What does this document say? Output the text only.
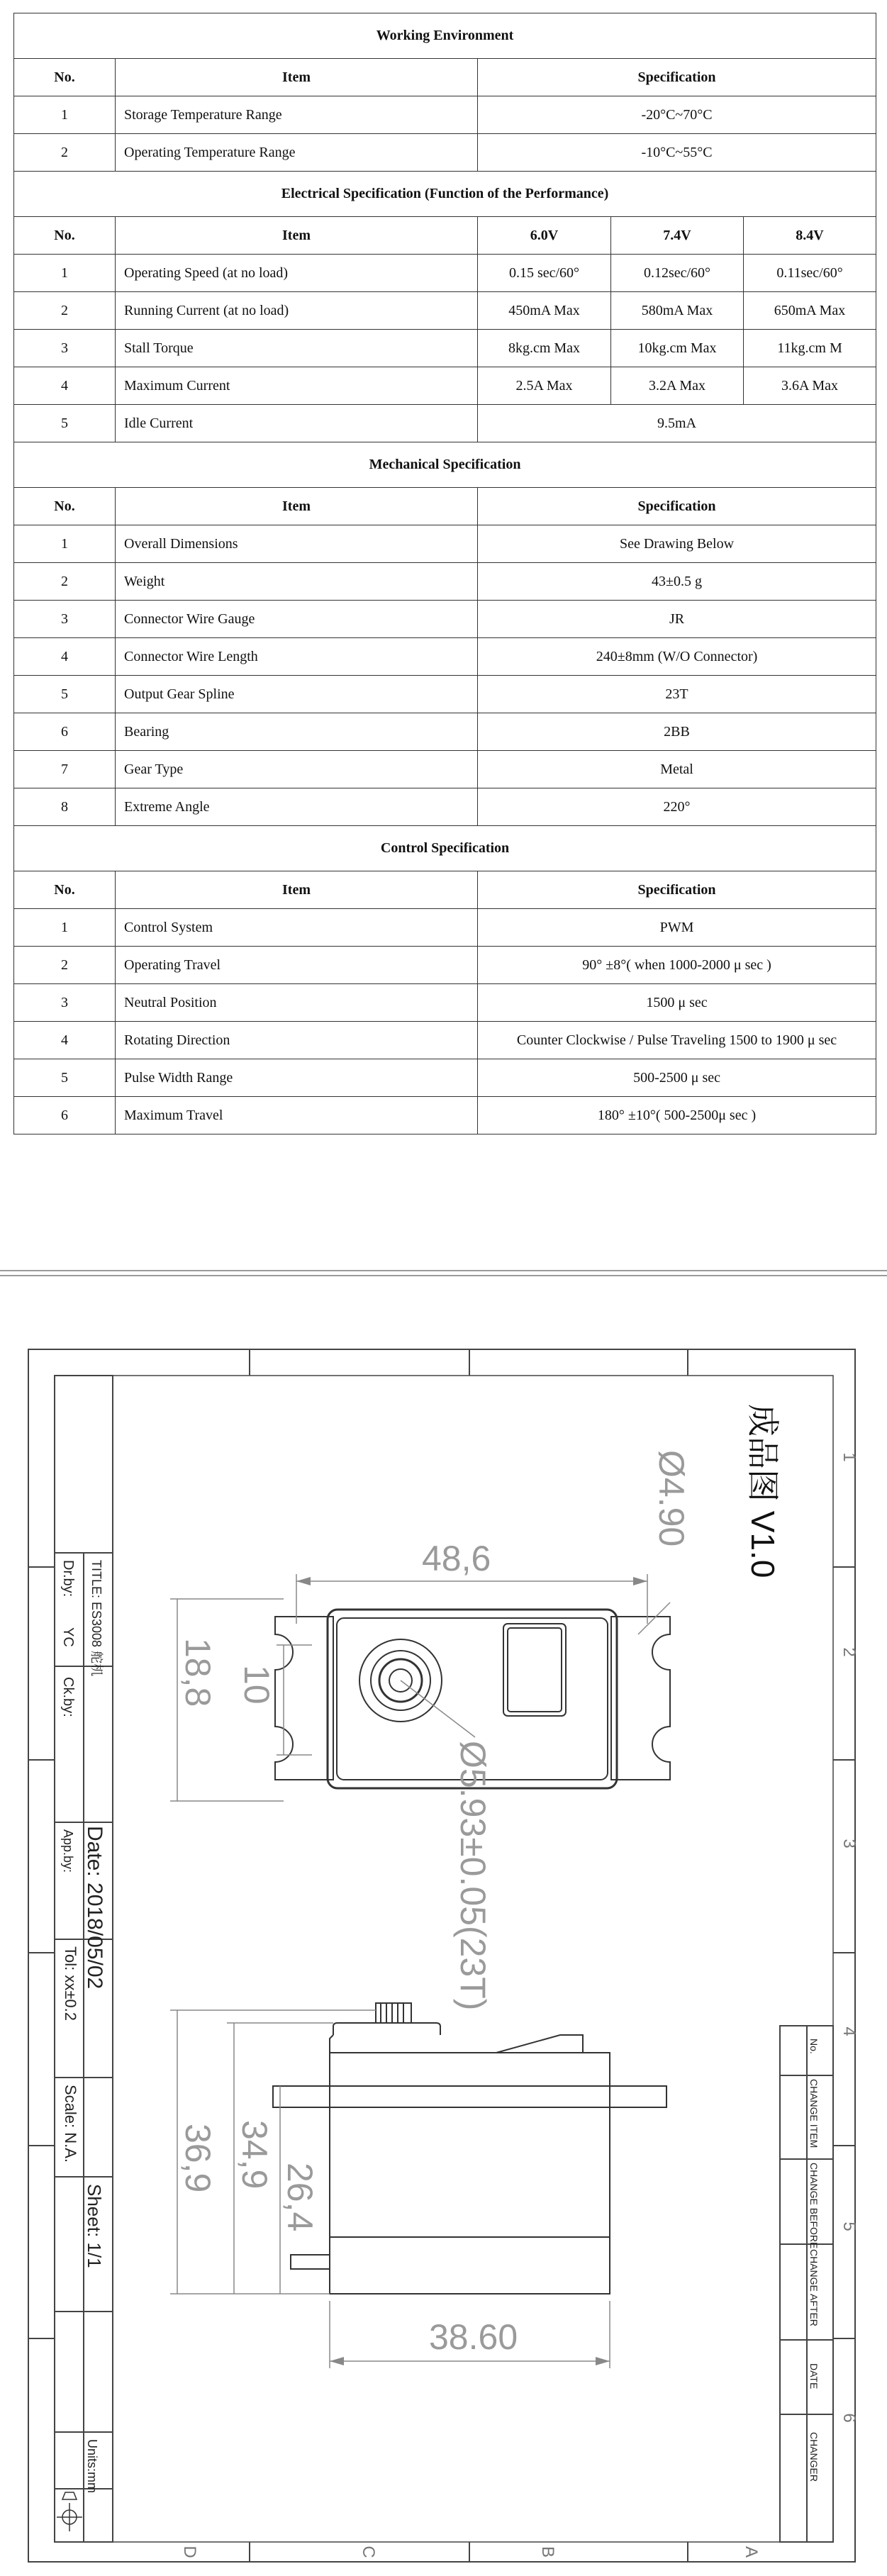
Working Environment				
No.	Item	Specification		
1	Storage Temperature Range	-20°C~70°C		
2	Operating Temperature Range	-10°C~55°C		
Electrical Specification (Function of the Performance)				
No.	Item	6.0V	7.4V	8.4V
1	Operating Speed (at no load)	0.15 sec/60°	0.12sec/60°	0.11sec/60°
2	Running Current (at no load)	450mA Max	580mA Max	650mA Max
3	Stall Torque	8kg.cm Max	10kg.cm Max	11kg.cm M
4	Maximum Current	2.5A Max	3.2A Max	3.6A Max
5	Idle Current	9.5mA		
Mechanical Specification				
No.	Item	Specification		
1	Overall Dimensions	See Drawing Below		
2	Weight	43±0.5 g		
3	Connector Wire Gauge	JR		
4	Connector Wire Length	240±8mm (W/O Connector)		
5	Output Gear Spline	23T		
6	Bearing	2BB		
7	Gear Type	Metal		
8	Extreme Angle	220°		
Control Specification				
No.	Item	Specification		
1	Control System	PWM		
2	Operating Travel	90° ±8°( when 1000-2000 μ sec )		
3	Neutral Position	1500 μ sec		
4	Rotating Direction	Counter Clockwise / Pulse Traveling 1500 to 1900 μ sec		
5	Pulse Width Range	500-2500 μ sec		
6	Maximum Travel	180° ±10°( 500-2500μ sec )		
1
2
3
4
5
6
D	C	B	A
TITLE: ES3008 舵机
Dr.by:
YC
Ck.by:
App.by: Date: 2018/05/02
Tol: xx±0.2
Scale: N.A.
Sheet: 1/1
Units:mm
No.
CHANGE ITEM
CHANGE BEFORE
CHANGE AFTER
DATE
CHANGER
成品图 V1.0
48,6
Ø4.90
18,8 10
Ø5.93±0.05(23T)
36,9 34,9
26,4
38.60
